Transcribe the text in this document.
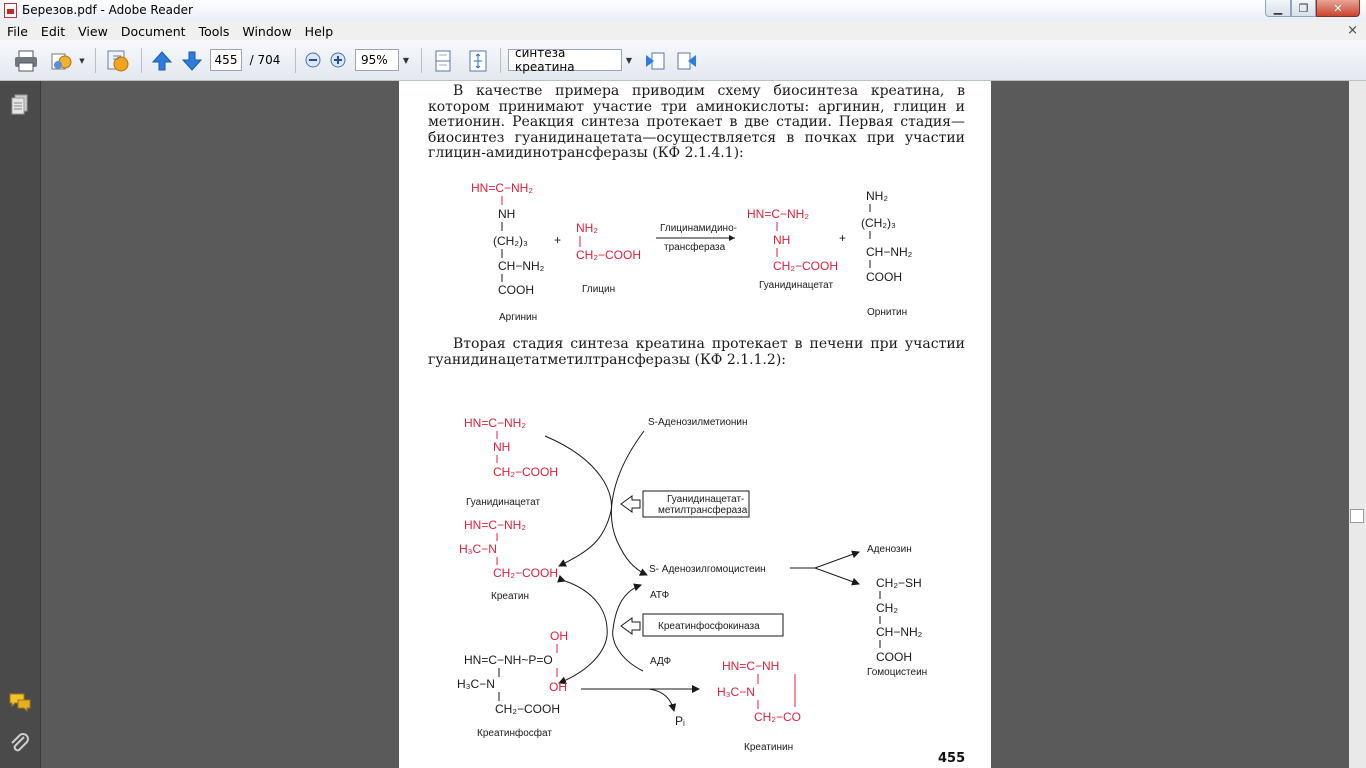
Березов.pdf - Adobe Reader	▁	❐	✕
File Edit View Document Tools Window Help	×
▼	455	/ 704	95%	▼	синтеза креатина	▼
В качестве примера приводим схему биосинтеза креатина, в котором принимают участие три аминокислоты: аргинин, глицин и метионин. Реакция синтеза протекает в две стадии. Первая стадия—биосинтез гуанидинацетата—осуществляется в почках при участии глицин-амидинотрансферазы (КФ 2.1.4.1):
HN=C−NH₂
NH
(CH₂)₃
CH−NH₂
COOH
Аргинин
+
NH₂
CH₂−COOH
Глицин
Глицинамидино-
трансфераза
HN=C−NH₂
NH
CH₂−COOH
Гуанидинацетат
+
NH₂
(CH₂)₃
CH−NH₂
COOH
Орнитин
Вторая стадия синтеза креатина протекает в печени при участии гуанидинацетатметилтрансферазы (КФ 2.1.1.2):
HN=C−NH₂
NH
CH₂−COOH
Гуанидинацетат
S-Аденозилметионин
Гуанидинацетат-
метилтрансфераза
HN=C−NH₂
H₃C−N
CH₂−COOH
Креатин
S- Аденозилгомоцистеин
Аденозин
CH₂−SH
CH₂
CH−NH₂
COOH
Гомоцистеин
АТФ
Креатинфосфокиназа
АДФ
OH
HN=C−NH~P=O
H₃C−N	OH
CH₂−COOH
Креатинфосфат
Pᵢ
HN=C−NH
H₃C−N
CH₂−CO
Креатинин
455
